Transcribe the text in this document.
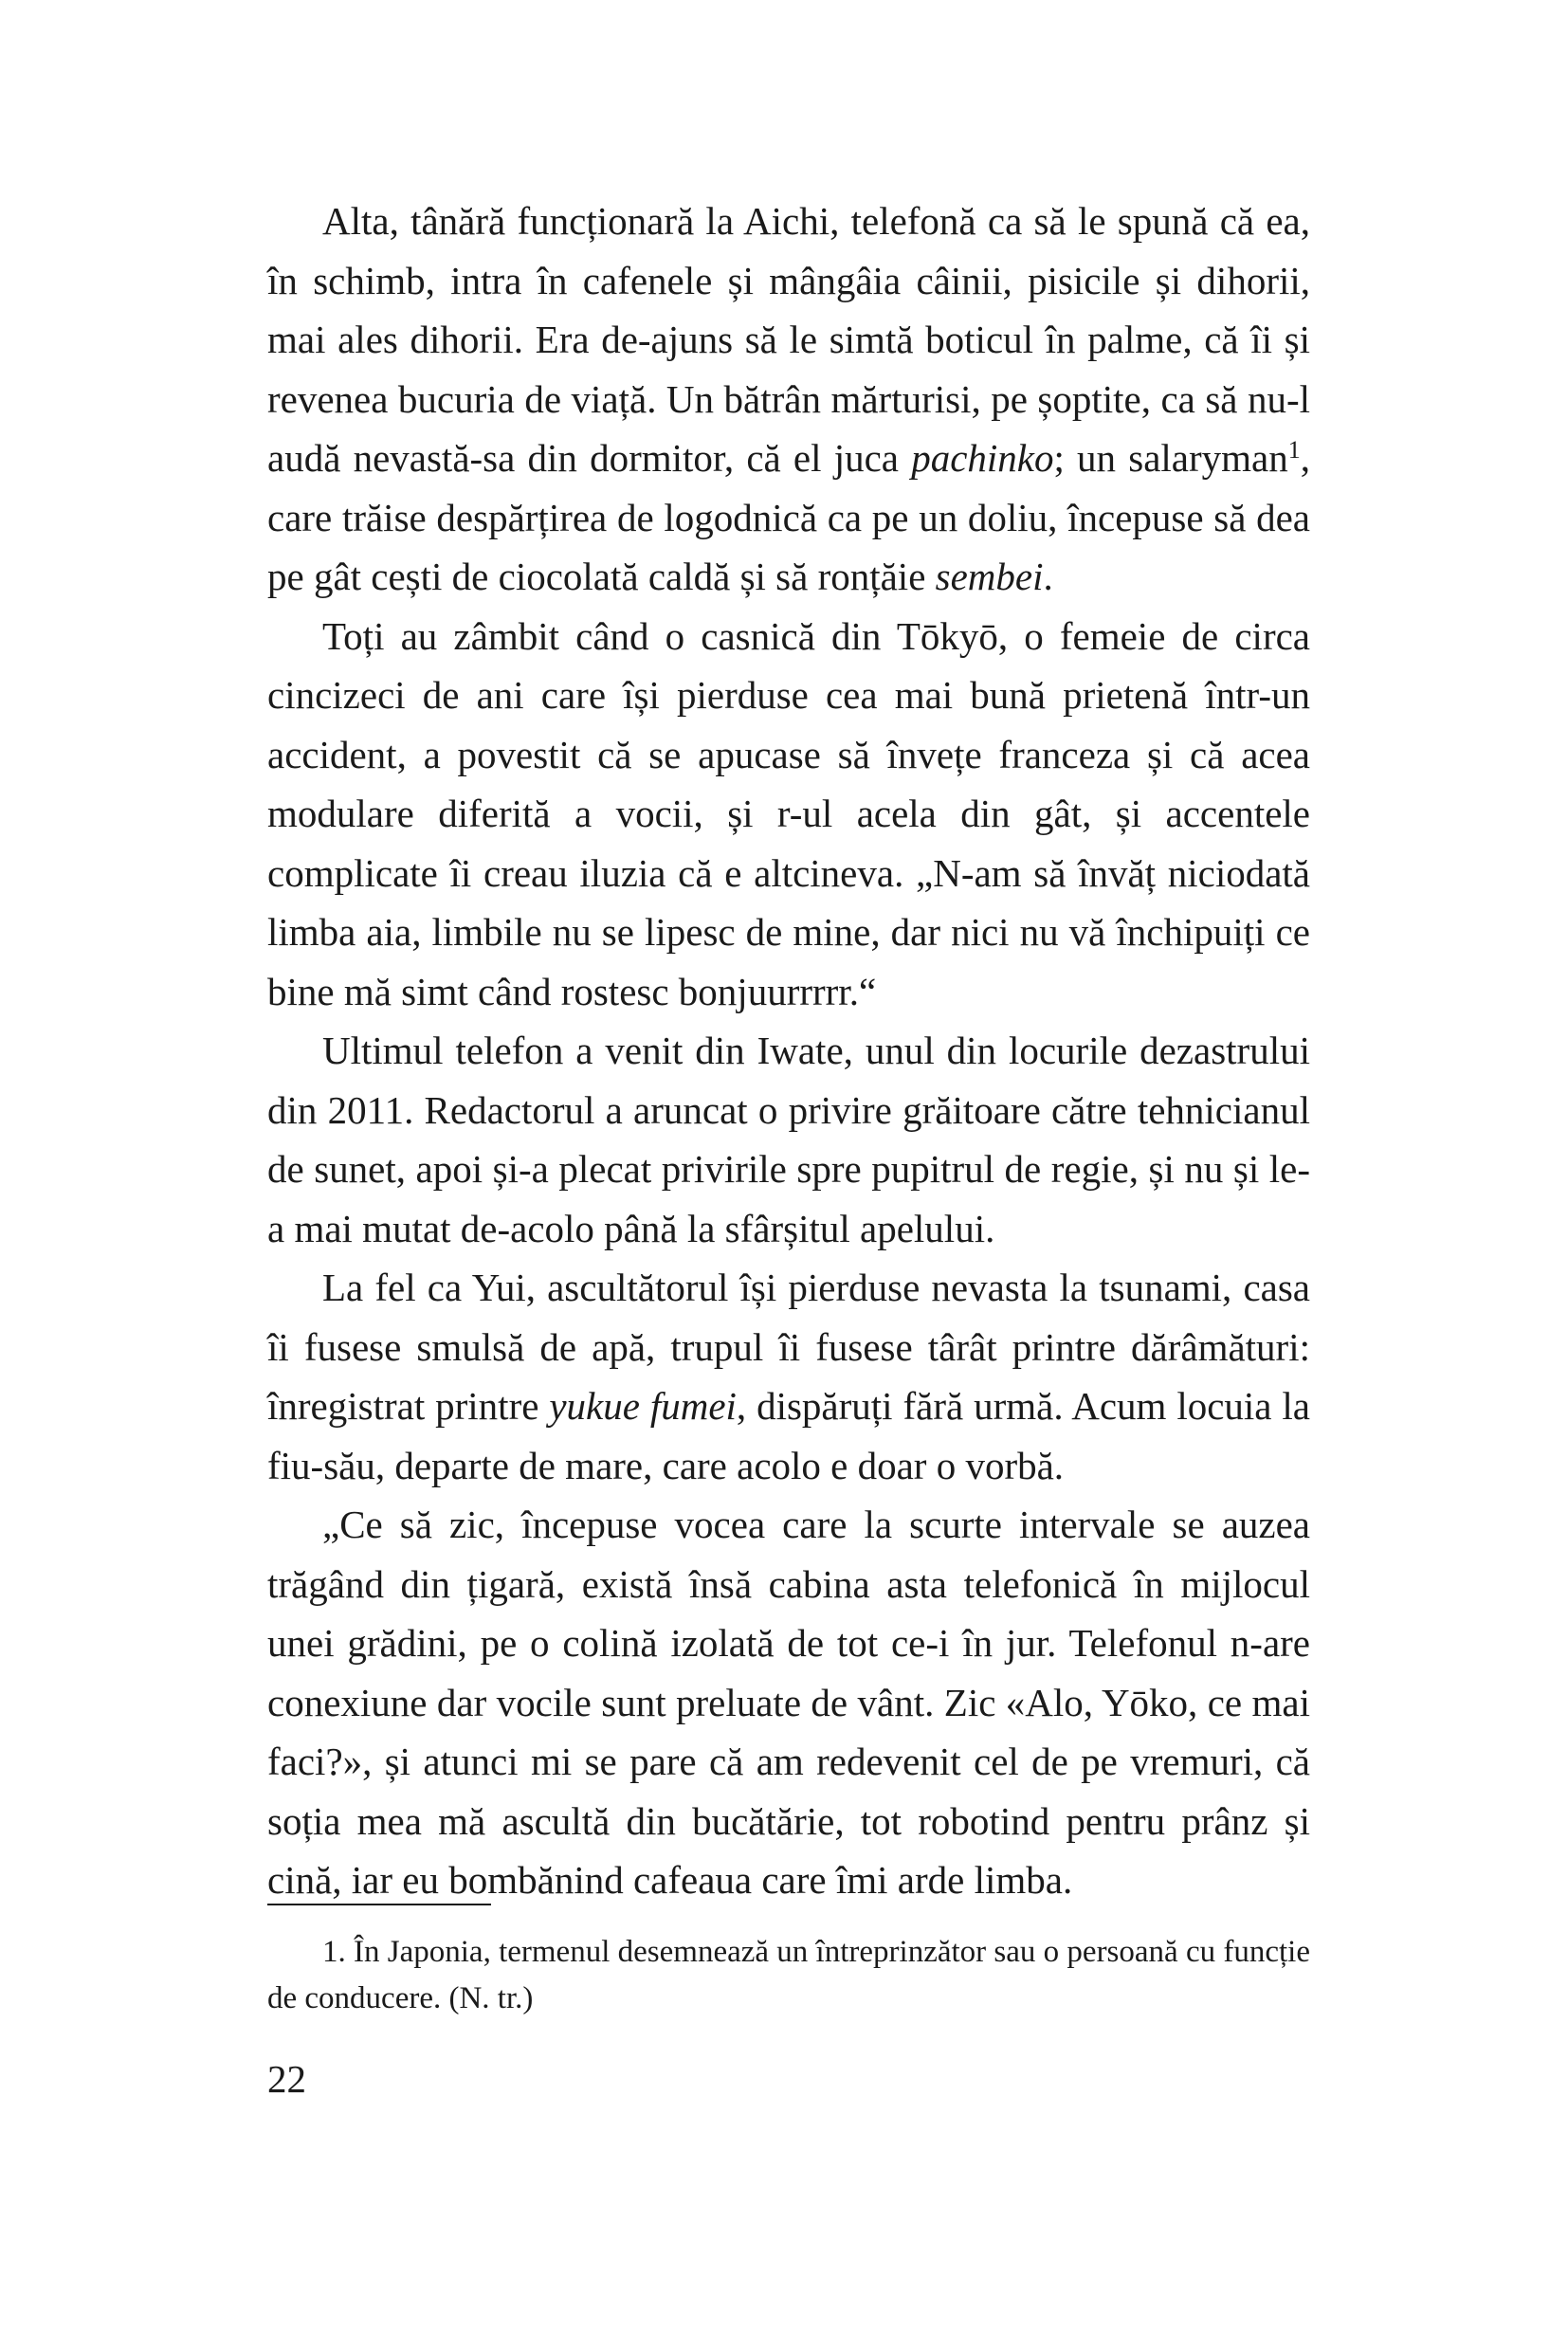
Alta, tânără funcționară la Aichi, telefonă ca să le spună că ea, în schimb, intra în cafenele și mângâia câinii, pisicile și dihorii, mai ales dihorii. Era de-ajuns să le simtă boticul în palme, că îi și revenea bucuria de viață. Un bătrân mărturisi, pe șoptite, ca să nu-l audă nevastă-sa din dormitor, că el juca pachinko; un salaryman$^1$, care trăise despărțirea de logodnică ca pe un doliu, începuse să dea pe gât cești de ciocolată caldă și să ronțăie sembei.

Toți au zâmbit când o casnică din Tōkyō, o femeie de circa cincizeci de ani care își pierduse cea mai bună prietenă într-un accident, a povestit că se apucase să învețe franceza și că acea modulare diferită a vocii, și r-ul acela din gât, și accentele complicate îi creau iluzia că e altcineva. „N-am să învăț niciodată limba aia, limbile nu se lipesc de mine, dar nici nu vă închipuiți ce bine mă simt când rostesc bonjuurrrrr.“

Ultimul telefon a venit din Iwate, unul din locurile dezastrului din 2011. Redactorul a aruncat o privire grăitoare către tehnicianul de sunet, apoi și-a plecat privirile spre pupitrul de regie, și nu și le-a mai mutat de-acolo până la sfârșitul apelului.

La fel ca Yui, ascultătorul își pierduse nevasta la tsunami, casa îi fusese smulsă de apă, trupul îi fusese târât printre dărâmături: înregistrat printre yukue fumei, dispăruți fără urmă. Acum locuia la fiu-său, departe de mare, care acolo e doar o vorbă.

„Ce să zic, începuse vocea care la scurte intervale se auzea trăgând din țigară, există însă cabina asta telefonică în mijlocul unei grădini, pe o colină izolată de tot ce-i în jur. Telefonul n-are conexiune dar vocile sunt preluate de vânt. Zic «Alo, Yōko, ce mai faci?», și atunci mi se pare că am redevenit cel de pe vremuri, că soția mea mă ascultă din bucătărie, tot robotind pentru prânz și cină, iar eu bombănind cafeaua care îmi arde limba.

1. În Japonia, termenul desemnează un întreprinzător sau o persoană cu funcție de conducere. (N. tr.)

22
